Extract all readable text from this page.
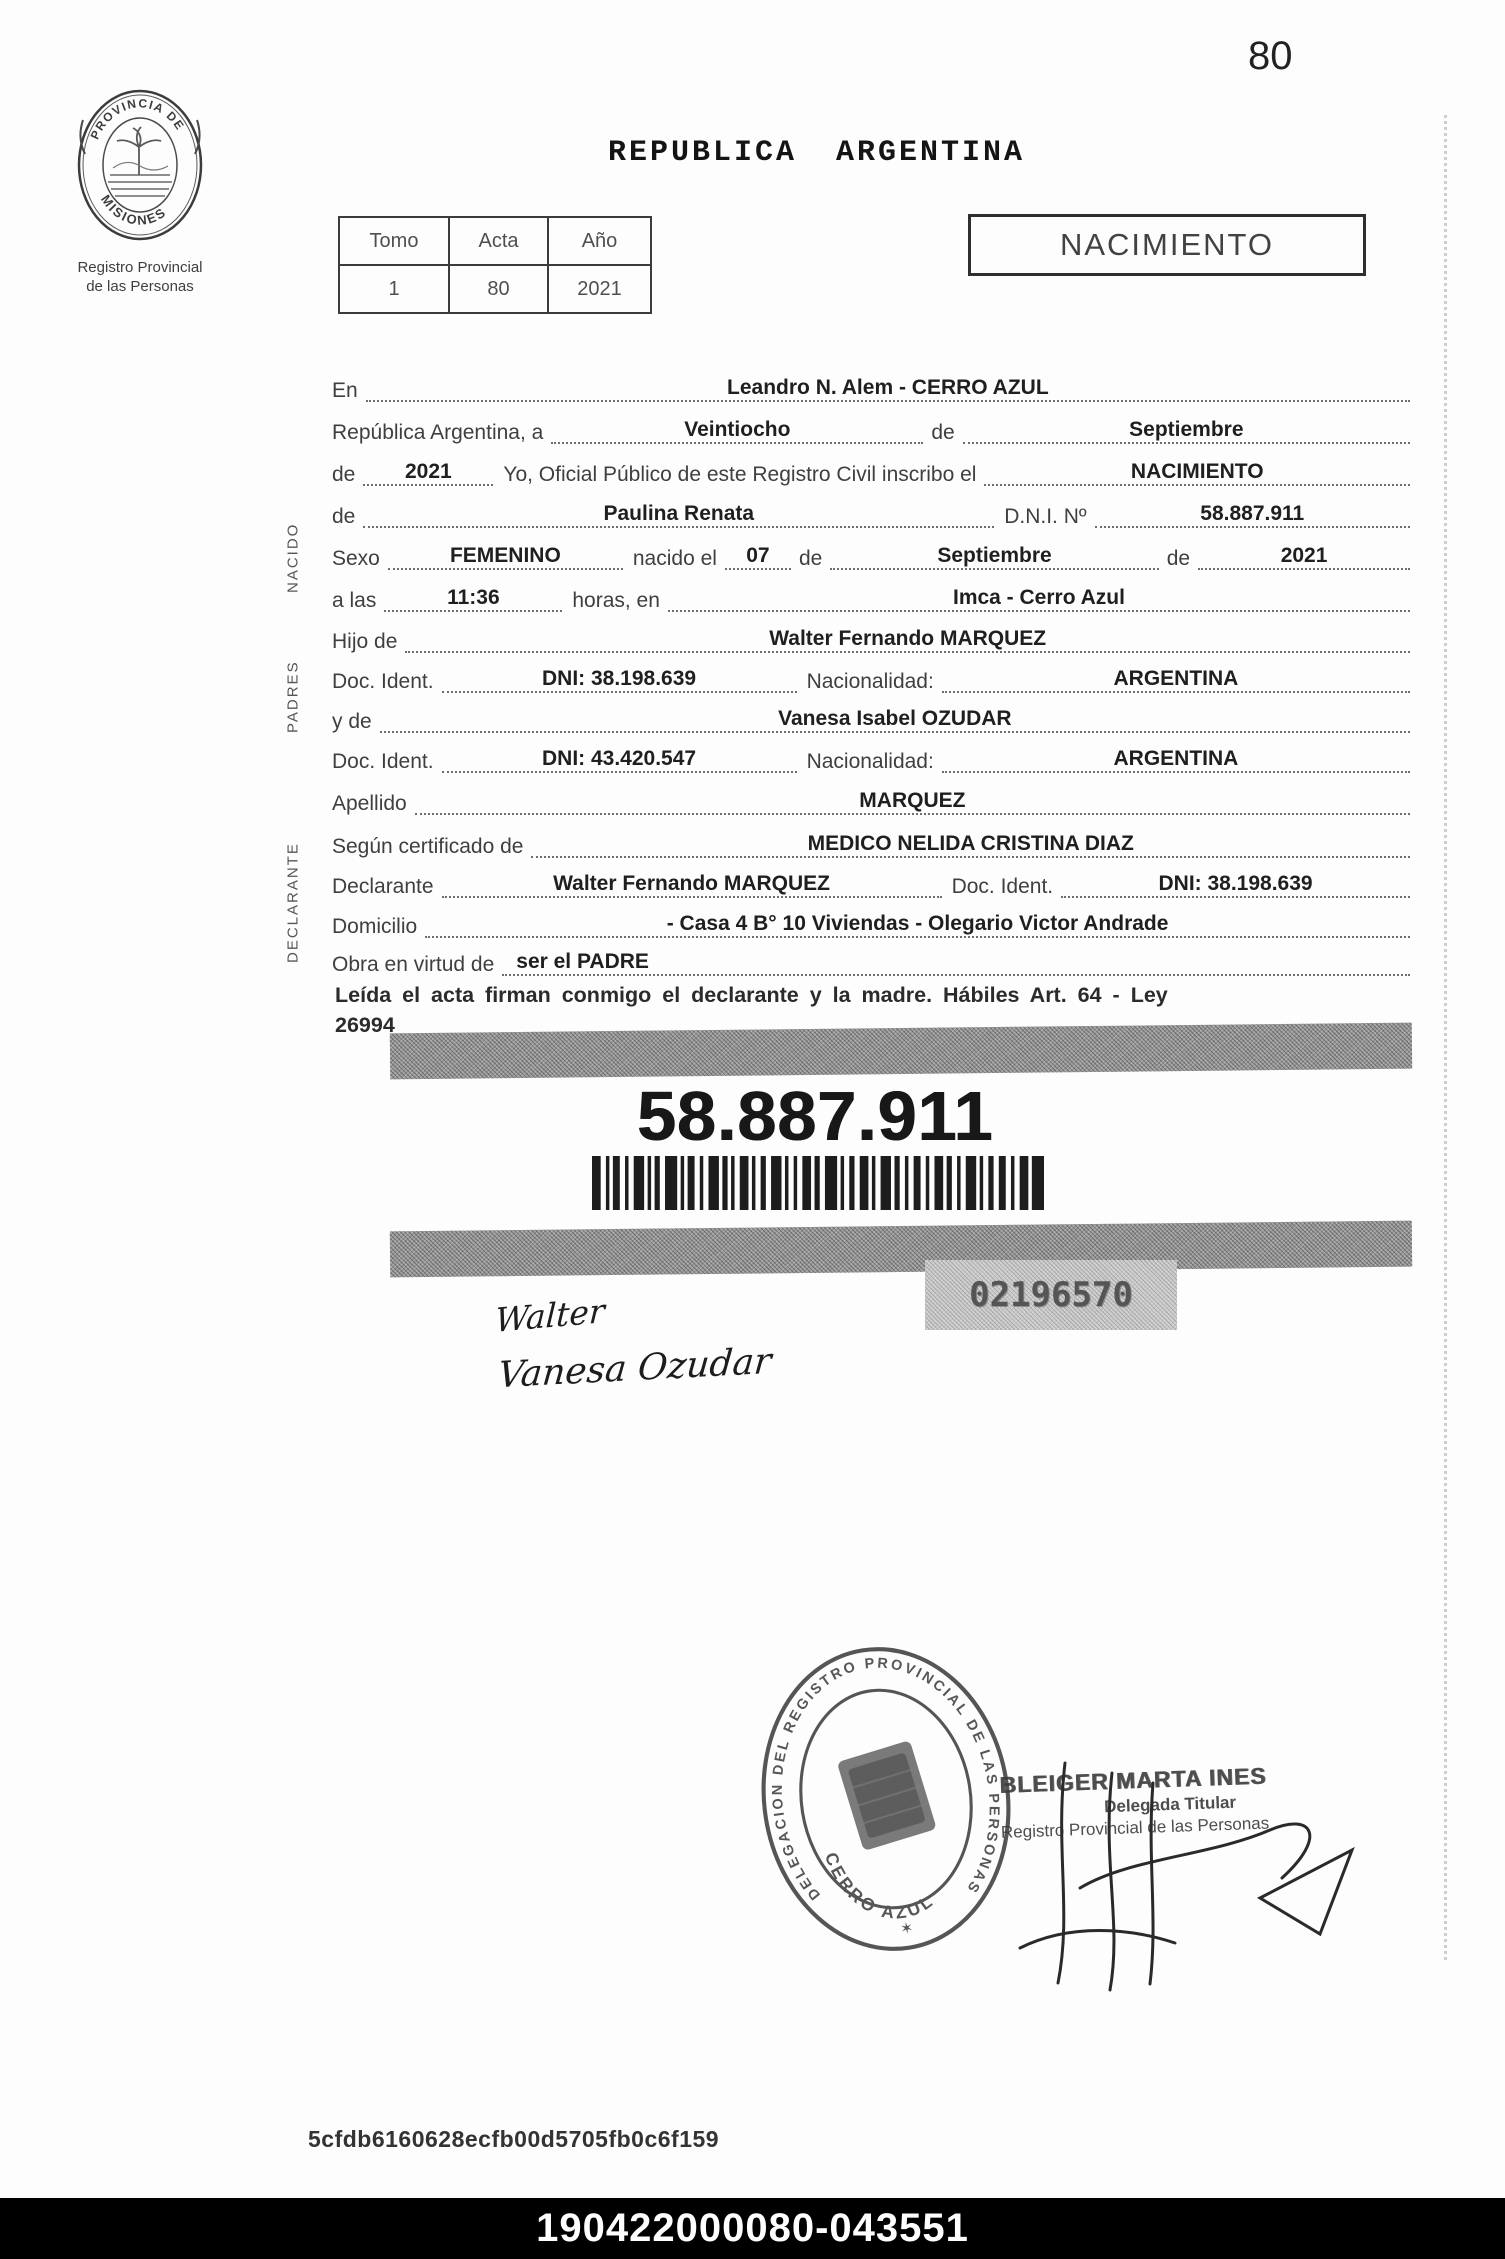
80
PROVINCIA DE
MISIONES
Registro Provincial
de las Personas
REPUBLICA ARGENTINA
Tomo	Acta	Año
1	80	2021
NACIMIENTO
NACIDO
PADRES
DECLARANTE
En	Leandro N. Alem - CERRO AZUL
República Argentina, a	Veintiocho	de	Septiembre
de	2021	Yo, Oficial Público de este Registro Civil inscribo el	NACIMIENTO
de	Paulina Renata	D.N.I. Nº	58.887.911
Sexo	FEMENINO	nacido el	07	de	Septiembre	de	2021
a las	11:36	horas, en	Imca - Cerro Azul
Hijo de	Walter Fernando MARQUEZ
Doc. Ident.	DNI: 38.198.639	Nacionalidad:	ARGENTINA
y de	Vanesa Isabel OZUDAR
Doc. Ident.	DNI: 43.420.547	Nacionalidad:	ARGENTINA
Apellido	MARQUEZ
Según certificado de	MEDICO NELIDA CRISTINA DIAZ
Declarante	Walter Fernando MARQUEZ	Doc. Ident.	DNI: 38.198.639
Domicilio	- Casa 4 B° 10 Viviendas - Olegario Victor Andrade
Obra en virtud de	ser el PADRE
Leída el acta firman conmigo el declarante y la madre. Hábiles Art. 64 - Ley
26994
58.887.911
02196570
Walter
Vanesa Ozudar
DELEGACION DEL REGISTRO PROVINCIAL DE LAS PERSONAS
CERRO AZUL
✶
BLEIGER MARTA INES
Delegada Titular
Registro Provincial de las Personas
5cfdb6160628ecfb00d5705fb0c6f159
190422000080-043551
